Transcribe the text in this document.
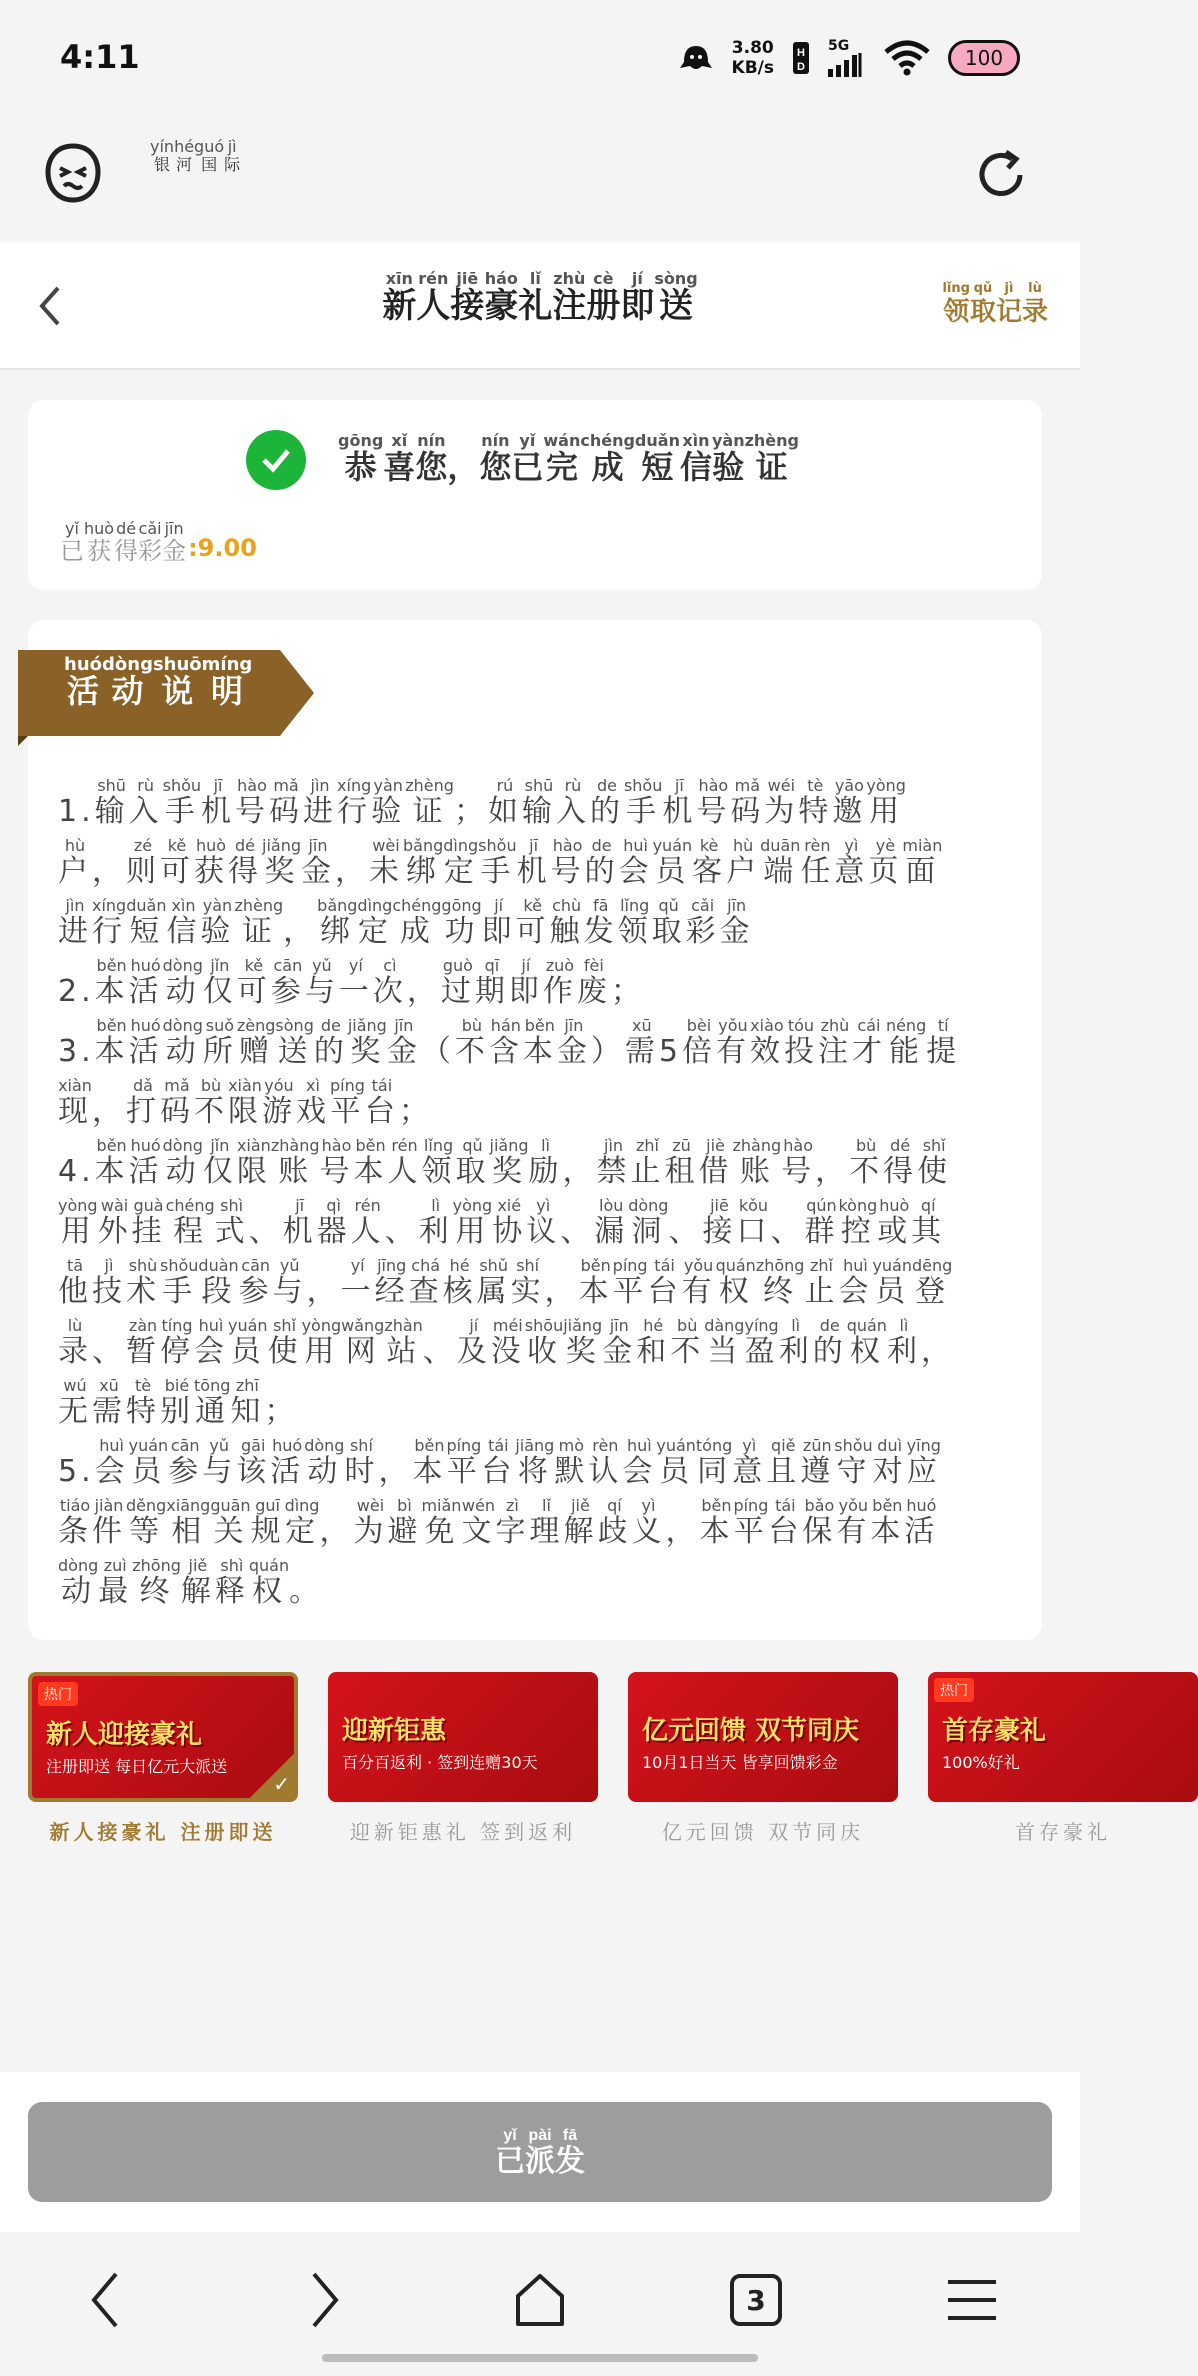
4:11	3.80
KB/s
H
D
5G	100
yín
银
hé
河
guó
国
jì
际
xīn
新
rén
人
jiē
接
háo
豪
lǐ
礼
zhù
注
cè
册
jí
即
sòng
送	lǐng
领
qǔ
取
jì
记
lù
录
gōng
恭
xǐ
喜
nín
您
，
nín
您
yǐ
已
wán
完
chéng
成
duǎn
短
xìn
信
yàn
验
zhèng
证
yǐ
已
huò
获
dé
得
cǎi
彩
jīn
金 :9.00
huó
活
dòng
动
shuō
说
míng
明

1.
shū
输
rù
入
shǒu
手
jī
机
hào
号
mǎ
码
jìn
进
xíng
行
yàn
验
zhèng
证
；
rú
如
shū
输
rù
入
de
的
shǒu
手
jī
机
hào
号
mǎ
码
wéi
为
tè
特
yāo
邀
yòng
用
hù
户
，
zé
则
kě
可
huò
获
dé
得
jiǎng
奖
jīn
金
，
wèi
未
bǎng
绑
dìng
定
shǒu
手
jī
机
hào
号
de
的
huì
会
yuán
员
kè
客
hù
户
duān
端
rèn
任
yì
意
yè
页
miàn
面
jìn
进
xíng
行
duǎn
短
xìn
信
yàn
验
zhèng
证
，
bǎng
绑
dìng
定
chéng
成
gōng
功
jí
即
kě
可
chù
触
fā
发
lǐng
领
qǔ
取
cǎi
彩
jīn
金

2.
běn
本
huó
活
dòng
动
jǐn
仅
kě
可
cān
参
yǔ
与
yí
一
cì
次
，
guò
过
qī
期
jí
即
zuò
作
fèi
废
；

3.
běn
本
huó
活
dòng
动
suǒ
所
zèng
赠
sòng
送
de
的
jiǎng
奖
jīn
金
（
bù
不
hán
含
běn
本
jīn
金
）
xū
需
5
bèi
倍
yǒu
有
xiào
效
tóu
投
zhù
注
cái
才
néng
能
tí
提
xiàn
现
，
dǎ
打
mǎ
码
bù
不
xiàn
限
yóu
游
xì
戏
píng
平
tái
台
；

4.
běn
本
huó
活
dòng
动
jǐn
仅
xiàn
限
zhàng
账
hào
号
běn
本
rén
人
lǐng
领
qǔ
取
jiǎng
奖
lì
励
，
jìn
禁
zhǐ
止
zū
租
jiè
借
zhàng
账
hào
号
，
bù
不
dé
得
shǐ
使
yòng
用
wài
外
guà
挂
chéng
程
shì
式
、
jī
机
qì
器
rén
人
、
lì
利
yòng
用
xié
协
yì
议
、
lòu
漏
dòng
洞
、
jiē
接
kǒu
口
、
qún
群
kòng
控
huò
或
qí
其
tā
他
jì
技
shù
术
shǒu
手
duàn
段
cān
参
yǔ
与
，
yí
一
jīng
经
chá
查
hé
核
shǔ
属
shí
实
，
běn
本
píng
平
tái
台
yǒu
有
quán
权
zhōng
终
zhǐ
止
huì
会
yuán
员
dēng
登
lù
录
、
zàn
暂
tíng
停
huì
会
yuán
员
shǐ
使
yòng
用
wǎng
网
zhàn
站
、
jí
及
méi
没
shōu
收
jiǎng
奖
jīn
金
hé
和
bù
不
dàng
当
yíng
盈
lì
利
de
的
quán
权
lì
利
，
wú
无
xū
需
tè
特
bié
别
tōng
通
zhī
知
；

5.
huì
会
yuán
员
cān
参
yǔ
与
gāi
该
huó
活
dòng
动
shí
时
，
běn
本
píng
平
tái
台
jiāng
将
mò
默
rèn
认
huì
会
yuán
员
tóng
同
yì
意
qiě
且
zūn
遵
shǒu
守
duì
对
yīng
应
tiáo
条
jiàn
件
děng
等
xiāng
相
guān
关
guī
规
dìng
定
，
wèi
为
bì
避
miǎn
免
wén
文
zì
字
lǐ
理
jiě
解
qí
歧
yì
义
，
běn
本
píng
平
tái
台
bǎo
保
yǒu
有
běn
本
huó
活
dòng
动
zuì
最
zhōng
终
jiě
解
shì
释
quán
权
。
热门
新人迎接豪礼
注册即送 每日亿元大派送
✓
新人接豪礼 注册即送
迎新钜惠
百分百返利 · 签到连赠30天
迎新钜惠礼 签到返利
亿元回馈 双节同庆
10月1日当天 皆享回馈彩金
亿元回馈 双节同庆
热门
首存豪礼
100%好礼
首存豪礼
yǐ
已
pài
派
fā
发
3
